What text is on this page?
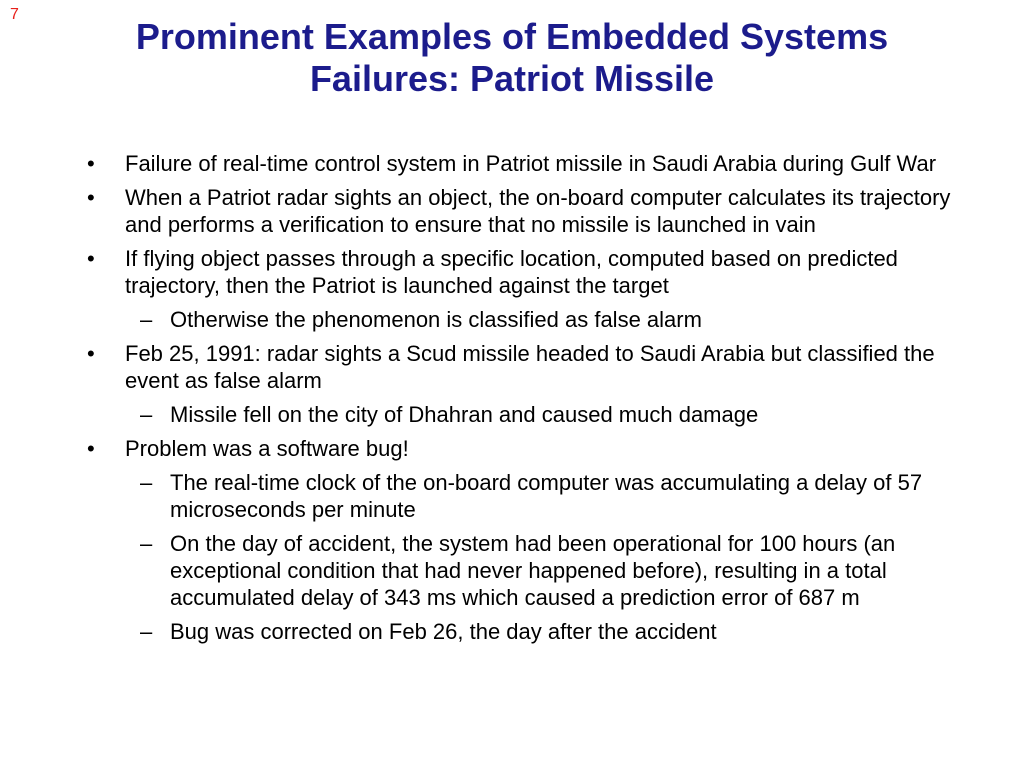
7
Prominent Examples of Embedded Systems
Failures: Patriot Missile
• Failure of real-time control system in Patriot missile in Saudi Arabia during Gulf War
• When a Patriot radar sights an object, the on-board computer calculates its trajectory and performs a verification to ensure that no missile is launched in vain
• If flying object passes through a specific location, computed based on predicted trajectory, then the Patriot is launched against the target
– Otherwise the phenomenon is classified as false alarm
• Feb 25, 1991: radar sights a Scud missile headed to Saudi Arabia but classified the event as false alarm
– Missile fell on the city of Dhahran and caused much damage
• Problem was a software bug!
– The real-time clock of the on-board computer was accumulating a delay of 57 microseconds per minute
– On the day of accident, the system had been operational for 100 hours (an exceptional condition that had never happened before), resulting in a total accumulated delay of 343 ms which caused a prediction error of 687 m
– Bug was corrected on Feb 26, the day after the accident
